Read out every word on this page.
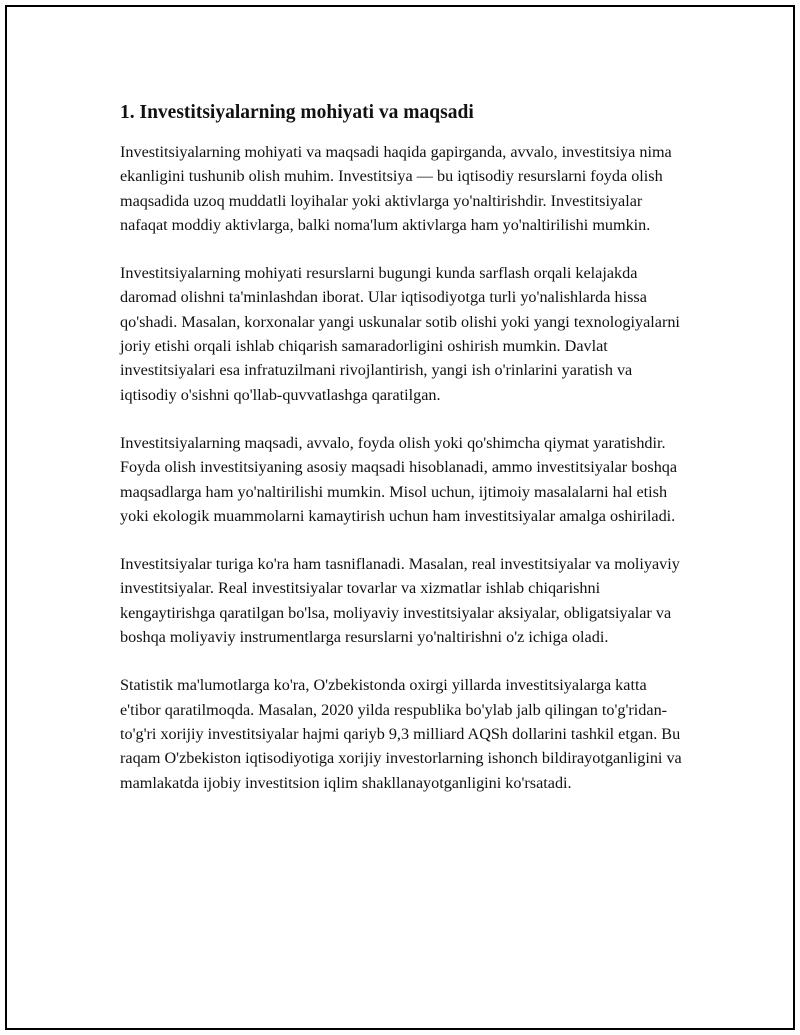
1. Investitsiyalarning mohiyati va maqsadi

Investitsiyalarning mohiyati va maqsadi haqida gapirganda, avvalo, investitsiya nima ekanligini tushunib olish muhim. Investitsiya — bu iqtisodiy resurslarni foyda olish maqsadida uzoq muddatli loyihalar yoki aktivlarga yo'naltirishdir. Investitsiyalar nafaqat moddiy aktivlarga, balki noma'lum aktivlarga ham yo'naltirilishi mumkin.

Investitsiyalarning mohiyati resurslarni bugungi kunda sarflash orqali kelajakda daromad olishni ta'minlashdan iborat. Ular iqtisodiyotga turli yo'nalishlarda hissa qo'shadi. Masalan, korxonalar yangi uskunalar sotib olishi yoki yangi texnologiyalarni joriy etishi orqali ishlab chiqarish samaradorligini oshirish mumkin. Davlat investitsiyalari esa infratuzilmani rivojlantirish, yangi ish o'rinlarini yaratish va iqtisodiy o'sishni qo'llab-quvvatlashga qaratilgan.

Investitsiyalarning maqsadi, avvalo, foyda olish yoki qo'shimcha qiymat yaratishdir. Foyda olish investitsiyaning asosiy maqsadi hisoblanadi, ammo investitsiyalar boshqa maqsadlarga ham yo'naltirilishi mumkin. Misol uchun, ijtimoiy masalalarni hal etish yoki ekologik muammolarni kamaytirish uchun ham investitsiyalar amalga oshiriladi.

Investitsiyalar turiga ko'ra ham tasniflanadi. Masalan, real investitsiyalar va moliyaviy investitsiyalar. Real investitsiyalar tovarlar va xizmatlar ishlab chiqarishni kengaytirishga qaratilgan bo'lsa, moliyaviy investitsiyalar aksiyalar, obligatsiyalar va boshqa moliyaviy instrumentlarga resurslarni yo'naltirishni o'z ichiga oladi.

Statistik ma'lumotlarga ko'ra, O'zbekistonda oxirgi yillarda investitsiyalarga katta e'tibor qaratilmoqda. Masalan, 2020 yilda respublika bo'ylab jalb qilingan to'g'ridan-to'g'ri xorijiy investitsiyalar hajmi qariyb 9,3 milliard AQSh dollarini tashkil etgan. Bu raqam O'zbekiston iqtisodiyotiga xorijiy investorlarning ishonch bildirayotganligini va mamlakatda ijobiy investitsion iqlim shakllanayotganligini ko'rsatadi.
